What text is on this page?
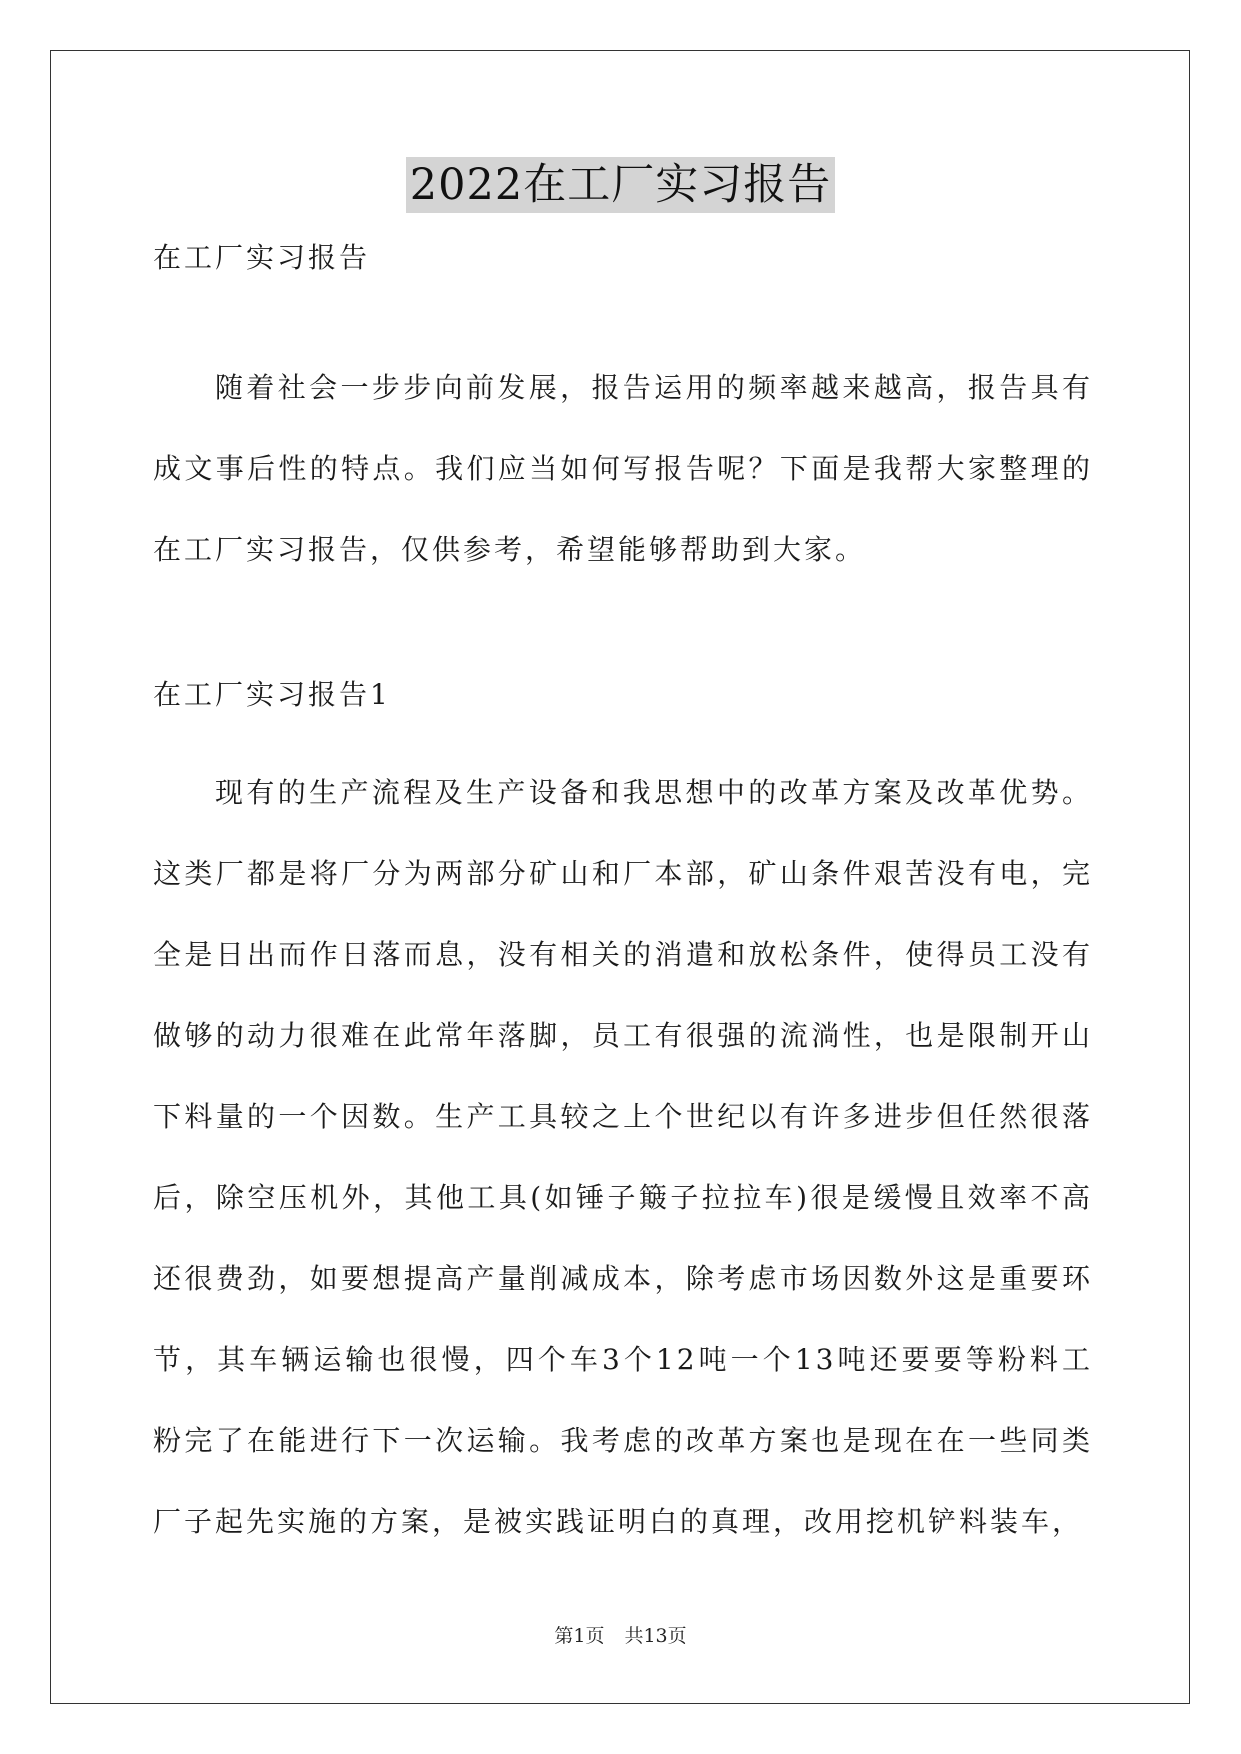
2022在工厂实习报告

在工厂实习报告

随着社会一步步向前发展，报告运用的频率越来越高，报告具有成文事后性的特点。我们应当如何写报告呢？下面是我帮大家整理的在工厂实习报告，仅供参考，希望能够帮助到大家。

在工厂实习报告1

现有的生产流程及生产设备和我思想中的改革方案及改革优势。这类厂都是将厂分为两部分矿山和厂本部，矿山条件艰苦没有电，完全是日出而作日落而息，没有相关的消遣和放松条件，使得员工没有做够的动力很难在此常年落脚，员工有很强的流淌性，也是限制开山下料量的一个因数。生产工具较之上个世纪以有许多进步但任然很落后，除空压机外，其他工具(如锤子簸子拉拉车)很是缓慢且效率不高还很费劲，如要想提高产量削减成本，除考虑市场因数外这是重要环节，其车辆运输也很慢，四个车3个12吨一个13吨还要要等粉料工粉完了在能进行下一次运输。我考虑的改革方案也是现在在一些同类厂子起先实施的方案，是被实践证明白的真理，改用挖机铲料装车，

第1页 共13页
